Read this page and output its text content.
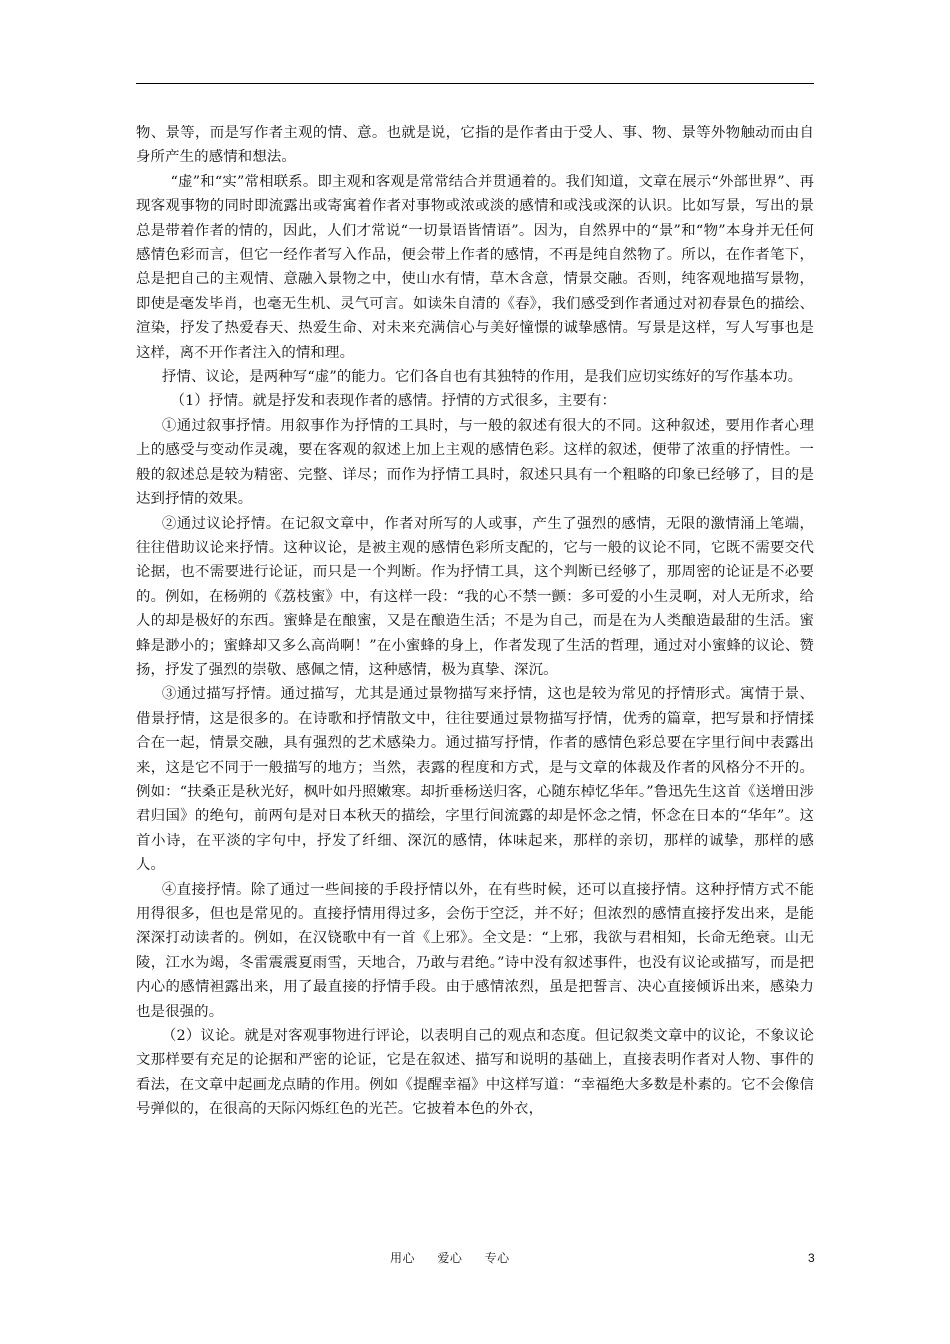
物、景等，而是写作者主观的情、意。也就是说，它指的是作者由于受人、事、物、景等外物触动而由自身所产生的感情和想法。

“虚”和“实”常相联系。即主观和客观是常常结合并贯通着的。我们知道，文章在展示“外部世界”、再现客观事物的同时即流露出或寄寓着作者对事物或浓或淡的感情和或浅或深的认识。比如写景，写出的景总是带着作者的情的，因此，人们才常说“一切景语皆情语”。因为，自然界中的“景”和“物”本身并无任何感情色彩而言，但它一经作者写入作品，便会带上作者的感情，不再是纯自然物了。所以，在作者笔下，总是把自己的主观情、意融入景物之中，使山水有情，草木含意，情景交融。否则，纯客观地描写景物，即使是毫发毕肖，也毫无生机、灵气可言。如读朱自清的《春》，我们感受到作者通过对初春景色的描绘、渲染，抒发了热爱春天、热爱生命、对未来充满信心与美好憧憬的诚挚感情。写景是这样，写人写事也是这样，离不开作者注入的情和理。

抒情、议论，是两种写“虚”的能力。它们各自也有其独特的作用，是我们应切实练好的写作基本功。

（1）抒情。就是抒发和表现作者的感情。抒情的方式很多，主要有：

①通过叙事抒情。用叙事作为抒情的工具时，与一般的叙述有很大的不同。这种叙述，要用作者心理上的感受与变动作灵魂，要在客观的叙述上加上主观的感情色彩。这样的叙述，便带了浓重的抒情性。一般的叙述总是较为精密、完整、详尽；而作为抒情工具时，叙述只具有一个粗略的印象已经够了，目的是达到抒情的效果。

②通过议论抒情。在记叙文章中，作者对所写的人或事，产生了强烈的感情，无限的激情涌上笔端，往往借助议论来抒情。这种议论，是被主观的感情色彩所支配的，它与一般的议论不同，它既不需要交代论据，也不需要进行论证，而只是一个判断。作为抒情工具，这个判断已经够了，那周密的论证是不必要的。例如，在杨朔的《荔枝蜜》中，有这样一段：“我的心不禁一颤：多可爱的小生灵啊，对人无所求，给人的却是极好的东西。蜜蜂是在酿蜜，又是在酿造生活；不是为自己，而是在为人类酿造最甜的生活。蜜蜂是渺小的；蜜蜂却又多么高尚啊！”在小蜜蜂的身上，作者发现了生活的哲理，通过对小蜜蜂的议论、赞扬，抒发了强烈的崇敬、感佩之情，这种感情，极为真挚、深沉。

③通过描写抒情。通过描写，尤其是通过景物描写来抒情，这也是较为常见的抒情形式。寓情于景、借景抒情，这是很多的。在诗歌和抒情散文中，往往要通过景物描写抒情，优秀的篇章，把写景和抒情揉合在一起，情景交融，具有强烈的艺术感染力。通过描写抒情，作者的感情色彩总要在字里行间中表露出来，这是它不同于一般描写的地方；当然，表露的程度和方式，是与文章的体裁及作者的风格分不开的。例如：“扶桑正是秋光好，枫叶如丹照嫩寒。却折垂杨送归客，心随东棹忆华年。”鲁迅先生这首《送增田涉君归国》的绝句，前两句是对日本秋天的描绘，字里行间流露的却是怀念之情，怀念在日本的“华年”。这首小诗，在平淡的字句中，抒发了纤细、深沉的感情，体味起来，那样的亲切，那样的诚挚，那样的感人。

④直接抒情。除了通过一些间接的手段抒情以外，在有些时候，还可以直接抒情。这种抒情方式不能用得很多，但也是常见的。直接抒情用得过多，会伤于空泛，并不好；但浓烈的感情直接抒发出来，是能深深打动读者的。例如，在汉铙歌中有一首《上邪》。全文是：“上邪，我欲与君相知，长命无绝衰。山无陵，江水为竭，冬雷震震夏雨雪，天地合，乃敢与君绝。”诗中没有叙述事件，也没有议论或描写，而是把内心的感情袒露出来，用了最直接的抒情手段。由于感情浓烈，虽是把誓言、决心直接倾诉出来，感染力也是很强的。

（2）议论。就是对客观事物进行评论，以表明自己的观点和态度。但记叙类文章中的议论，不象议论文那样要有充足的论据和严密的论证，它是在叙述、描写和说明的基础上，直接表明作者对人物、事件的看法，在文章中起画龙点睛的作用。例如《提醒幸福》中这样写道：“幸福绝大多数是朴素的。它不会像信号弹似的，在很高的天际闪烁红色的光芒。它披着本色的外衣，

用心 爱心 专心	3
